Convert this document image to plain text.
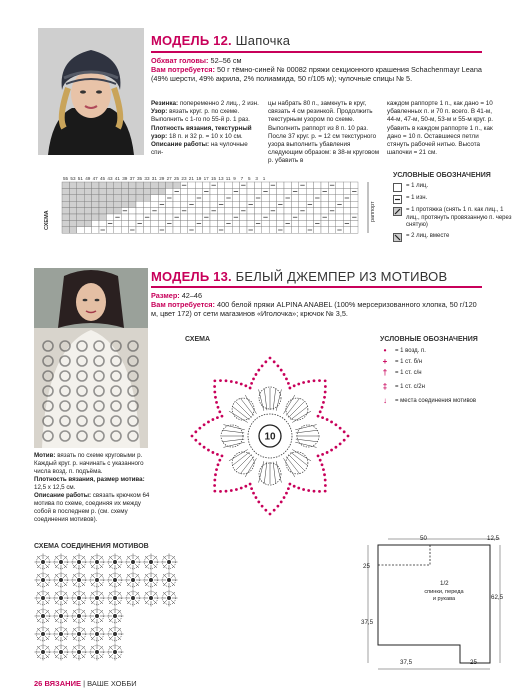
МОДЕЛЬ 12. Шапочка
Обхват головы: 52–56 см
Вам потребуется: 50 г тёмно-синей № 00082 пряжи секционного крашения Schachenmayr Leana (49% шерсти, 49% акрила, 2% полиамида, 50 г/105 м); чулочные спицы № 5.
Резинка: попеременно 2 лиц., 2 изн.
Узор: вязать круг. р. по схеме. Выполнить с 1-го по 55-й р. 1 раз.
Плотность вязания, текстурный узор: 18 п. и 32 р. = 10 х 10 см.
Описание работы: на чулочные спи-
цы набрать 80 п., замкнуть в круг, связать 4 см резинкой. Продолжить текстурным узором по схеме. Выполнить раппорт из 8 п. 10 раз. После 37 круг. р. = 12 см текстурного узора выполнить убавления следующим образом: в 38-м круговом р. убавить в
каждом раппорте 1 п., как дано = 10 убавленных п. и 70 п. всего. В 41-м, 44-м, 47-м, 50-м, 53-м и 55-м круг. р. убавить в каждом раппорте 1 п., как дано = 10 п. Оставшиеся петли стянуть рабочей нитью. Высота шапочки = 21 см.
55 53 51 49 47 45 43 41 39 37 35 33 31 29 27 25 23 21 19 17 15 13 11 9 7 5 3 1
СХЕМА	раппорт
УСЛОВНЫЕ ОБОЗНАЧЕНИЯ
= 1 лиц.
= 1 изн.
= 1 протяжка (снять 1 п. как лиц., 1 лиц., протянуть провязанную п. через снятую)
= 2 лиц. вместе
МОДЕЛЬ 13. БЕЛЫЙ ДЖЕМПЕР ИЗ МОТИВОВ
Размер: 42–46
Вам потребуется: 400 белой пряжи ALPINA ANABEL (100% мерсеризованного хлопка, 50 г/120 м, цвет 172) от сети магазинов «Иголочка»; крючок № 3,5.
СХЕМА
10
УСЛОВНЫЕ ОБОЗНАЧЕНИЯ
•	= 1 возд. п.
+	= 1 ст. б/н
†	= 1 ст. с/н
‡	= 1 ст. с/2н
↓	= места соединения мотивов
Мотив: вязать по схеме круговыми р. Каждый круг. р. начинать с указанного числа возд. п. подъёма.
Плотность вязания, размер мотива: 12,5 х 12,5 см.
Описание работы: связать крючком 64 мотива по схеме, соединяя их между собой в последнем р. (см. схему соединения мотивов).
СХЕМА СОЕДИНЕНИЯ МОТИВОВ
50	12,5
25
62,5
37,5
37,5	25
1/2
спинки, переда и рукава
26 ВЯЗАНИЕ | ВАШЕ ХОББИ
